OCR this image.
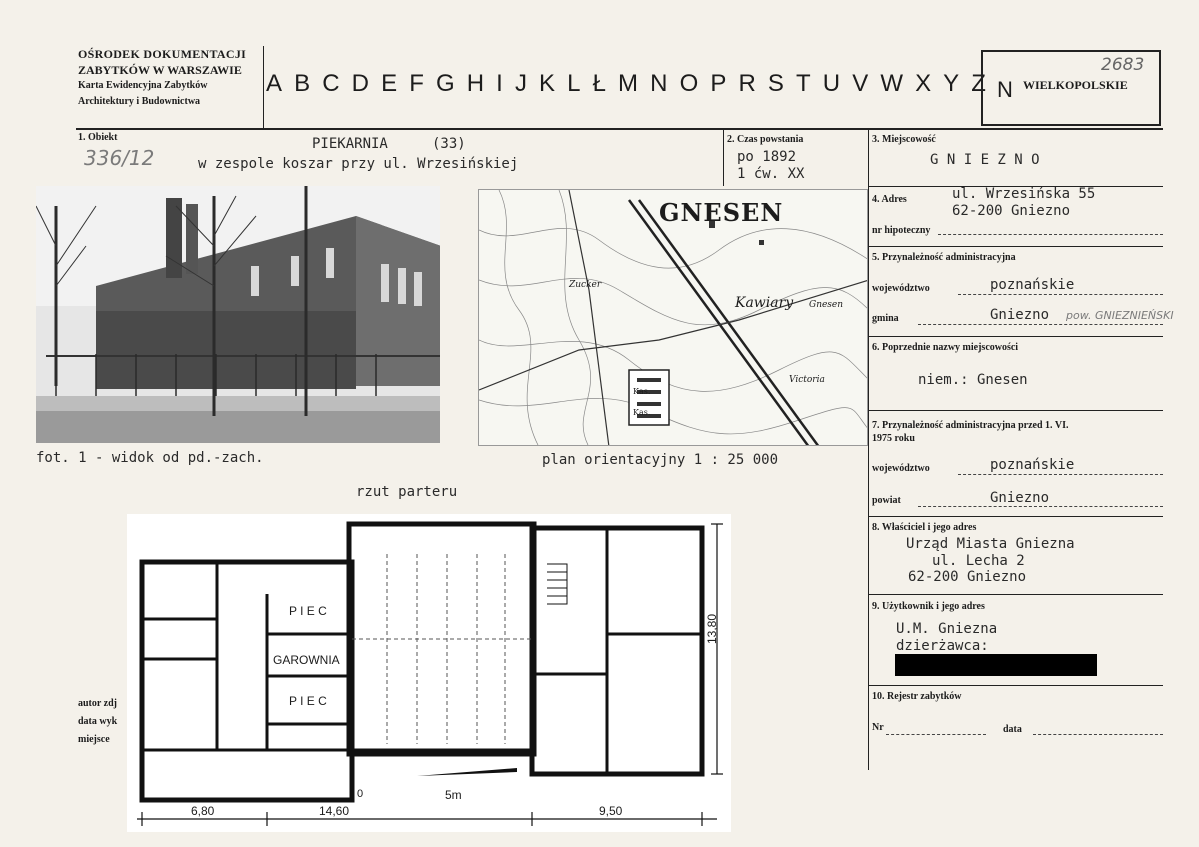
OŚRODEK DOKUMENTACJI
ZABYTKÓW W WARSZAWIE
Karta Ewidencyjna Zabytków
Architektury i Budownictwa
A B C D E F G H I J K L Ł M N O P R S T U V W X Y Z N WIELKOPOLSKIE
2683
1. Obiekt
336/12
PIEKARNIA	(33)
w zespole koszar przy ul. Wrzesińskiej
2. Czas powstania
po 1892
1 ćw. XX
3. Miejscowość
G N I E Z N O
4. Adres	ul. Wrzesińska 55
62-200 Gniezno
nr hipoteczny
5. Przynależność administracyjna
województwo	poznańskie
gmina	Gniezno pow. GNIEZNIEŃSKI
6. Poprzednie nazwy miejscowości
niem.: Gnesen
7. Przynależność administracyjna przed 1. VI.
1975 roku
województwo	poznańskie
powiat	Gniezno
8. Właściciel i jego adres
Urząd Miasta Gniezna
ul. Lecha 2
62-200 Gniezno
9. Użytkownik i jego adres
U.M. Gniezna
dzierżawca:
10. Rejestr zabytków
Nr	data
fot. 1 - widok od pd.-zach.
GNESEN
Kawiary
Zucker
Victoria
Gnesen
Kas.
Kas.
plan orientacyjny 1 : 25 000
rzut parteru
P I E C
GAROWNIA
P I E C
6,80	14,60	9,50
13,80
5m
0
autor zdj
data wyk
miejsce
